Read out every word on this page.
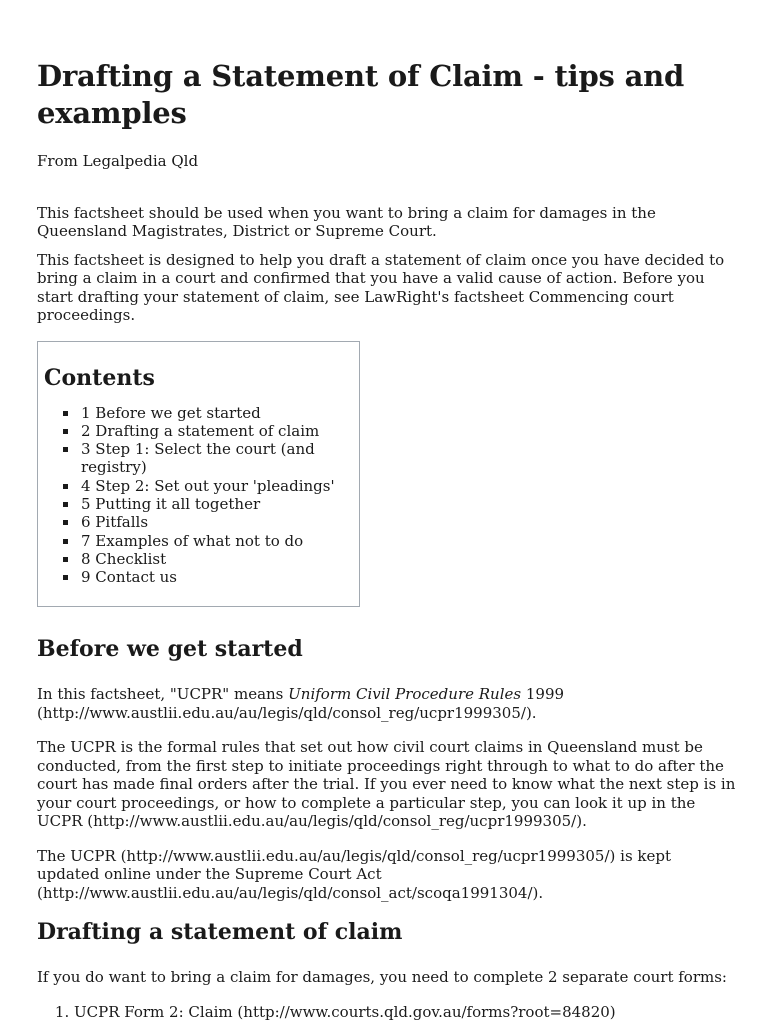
Drafting a Statement of Claim - tips and examples
From Legalpedia Qld

This factsheet should be used when you want to bring a claim for damages in the Queensland Magistrates, District or Supreme Court.

This factsheet is designed to help you draft a statement of claim once you have decided to bring a claim in a court and confirmed that you have a valid cause of action. Before you start drafting your statement of claim, see LawRight's factsheet Commencing court proceedings.

Contents
1 Before we get started
2 Drafting a statement of claim
3 Step 1: Select the court (and registry)
4 Step 2: Set out your 'pleadings'
5 Putting it all together
6 Pitfalls
7 Examples of what not to do
8 Checklist
9 Contact us
Before we get started

In this factsheet, "UCPR" means Uniform Civil Procedure Rules 1999 (http://www.austlii.edu.au/au/legis/qld/consol_reg/ucpr1999305/).

The UCPR is the formal rules that set out how civil court claims in Queensland must be conducted, from the first step to initiate proceedings right through to what to do after the court has made final orders after the trial. If you ever need to know what the next step is in your court proceedings, or how to complete a particular step, you can look it up in the UCPR (http://www.austlii.edu.au/au/legis/qld/consol_reg/ucpr1999305/).

The UCPR (http://www.austlii.edu.au/au/legis/qld/consol_reg/ucpr1999305/) is kept updated online under the Supreme Court Act (http://www.austlii.edu.au/au/legis/qld/consol_act/scoqa1991304/).

Drafting a statement of claim

If you do want to bring a claim for damages, you need to complete 2 separate court forms:

1. UCPR Form 2: Claim (http://www.courts.qld.gov.au/forms?root=84820)
